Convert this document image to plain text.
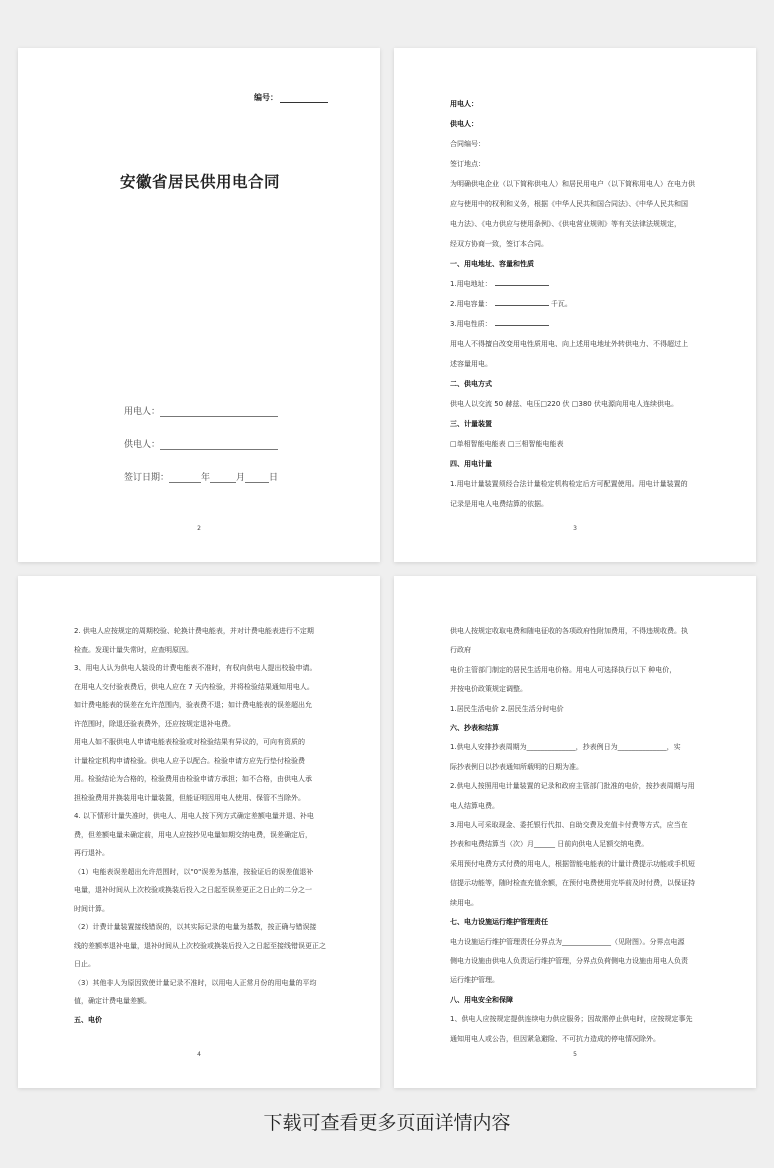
编号：
安徽省居民供用电合同
用电人：
供电人：
签订日期：	年	月	日
2

用电人：

供电人：

合同编号：

签订地点：

为明确供电企业（以下简称供电人）和居民用电户（以下简称用电人）在电力供

应与使用中的权利和义务，根据《中华人民共和国合同法》、《中华人民共和国

电力法》、《电力供应与使用条例》、《供电营业规则》等有关法律法规规定，

经双方协商一致，签订本合同。

一、用电地址、容量和性质

1.用电地址：

2.用电容量：	千瓦。

3.用电性质：

用电人不得擅自改变用电性质用电、向上述用电地址外转供电力、不得超过上

述容量用电。

二、供电方式

供电人以交流 50 赫兹、电压□220 伏 □380 伏电源向用电人连续供电。

三、计量装置

□单相智能电能表 □三相智能电能表

四、用电计量

1.用电计量装置须经合法计量检定机构检定后方可配置使用。用电计量装置的

记录是用电人电费结算的依据。

3

2. 供电人应按规定的周期校验、轮换计费电能表，并对计费电能表进行不定期

检查。发现计量失常时，应查明原因。

3、用电人认为供电人装设的计费电能表不准时，有权向供电人提出校验申请。

在用电人交付验表费后，供电人应在 7 天内检验，并将检验结果通知用电人。

如计费电能表的误差在允许范围内，验表费不退；如计费电能表的误差超出允

许范围时，除退还验表费外，还应按规定退补电费。

用电人如不服供电人申请电能表检验或对检验结果有异议的，可向有资质的

计量检定机构申请检验。供电人应予以配合。检验申请方应先行垫付检验费

用。检验结论为合格的，检验费用由检验申请方承担；如不合格，由供电人承

担检验费用并换装用电计量装置，但能证明因用电人使用、保管不当除外。

4. 以下情形计量失准时，供电人、用电人按下列方式确定差额电量并退、补电

费，但差额电量未确定前，用电人应按抄见电量如期交纳电费，误差确定后，

再行退补。

（1）电能表误差超出允许范围时，以"0"误差为基准，按验证后的误差值退补

电量，退补时间从上次校验或换装后投入之日起至误差更正之日止的二分之一

时间计算。

（2）计费计量装置接线错误的，以其实际记录的电量为基数，按正确与错误接

线的差额率退补电量，退补时间从上次校验或换装后投入之日起至接线错误更正之

日止。

（3）其他非人为原因致使计量记录不准时，以用电人正常月份的用电量的平均

值，确定计费电量差额。

五、电价

4

供电人按规定收取电费和随电征收的各项政府性附加费用，不得违规收费。执

行政府

电价主管部门制定的居民生活用电价格。用电人可选择执行以下 种电价，

并按电价政策规定调整。

1.居民生活电价 2.居民生活分时电价

六、抄表和结算

1.供电人安排抄表周期为______________，抄表例日为______________，实

际抄表例日以抄表通知所载明的日期为准。

2.供电人按照用电计量装置的记录和政府主管部门批准的电价，按抄表周期与用

电人结算电费。

3.用电人可采取现金、委托银行代扣、自助交费及充值卡付费等方式，应当在

抄表和电费结算当（次）月______ 日前向供电人足额交纳电费。

采用预付电费方式付费的用电人，根据智能电能表的计量计费提示功能或手机短

信提示功能等，随时检查充值余额，在预付电费使用完毕前及时付费，以保证持

续用电。

七、电力设施运行维护管理责任

电力设施运行维护管理责任分界点为______________（见附图）。分界点电源

侧电力设施由供电人负责运行维护管理，分界点负荷侧电力设施由用电人负责

运行维护管理。

八、用电安全和保障

1、供电人应按规定提供连续电力供应服务；因故需停止供电时，应按规定事先

通知用电人或公告，但因紧急避险、不可抗力造成的停电情况除外。

5
下载可查看更多页面详情内容
